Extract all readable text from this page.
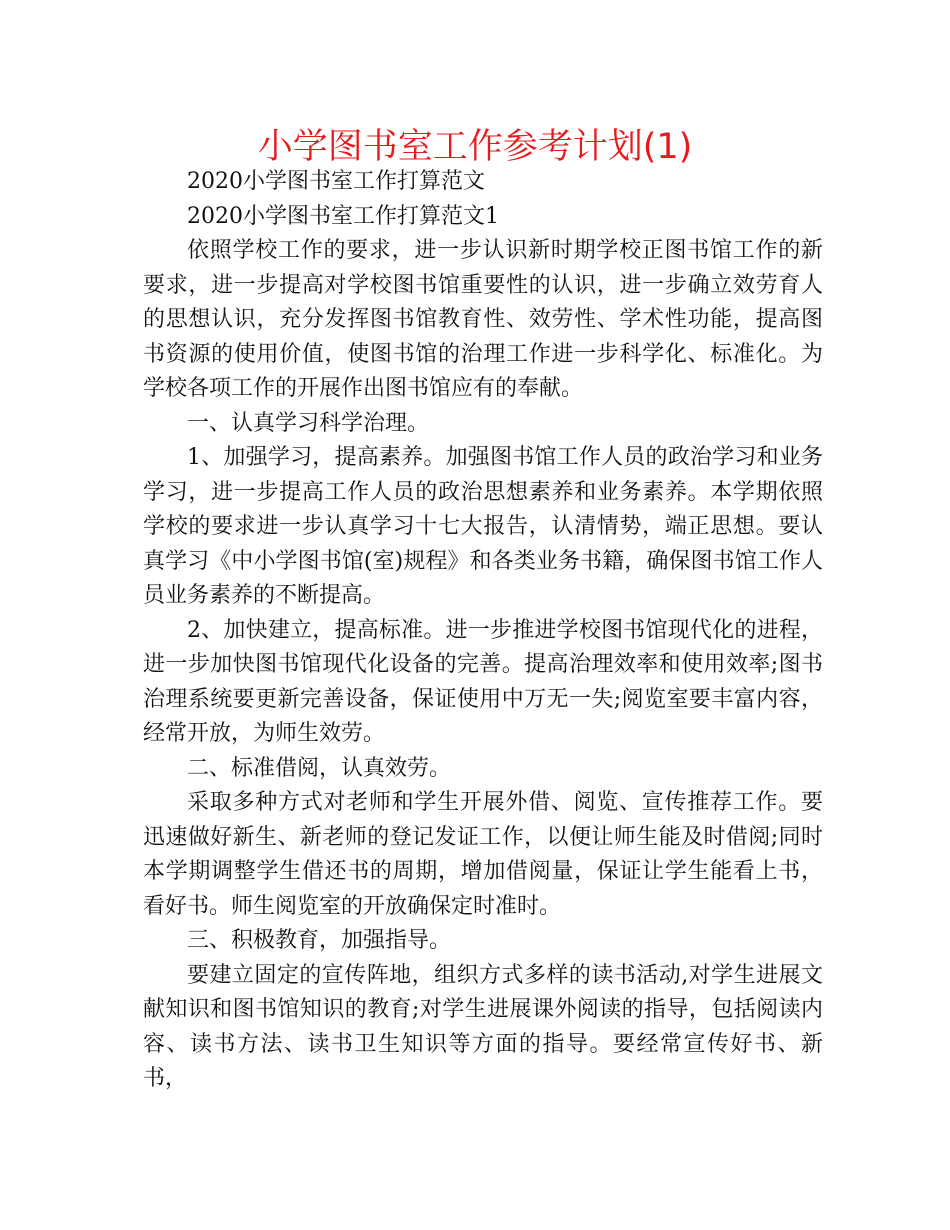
小学图书室工作参考计划(1)

2020小学图书室工作打算范文

2020小学图书室工作打算范文1

依照学校工作的要求，进一步认识新时期学校正图书馆工作的新要求，进一步提高对学校图书馆重要性的认识，进一步确立效劳育人的思想认识，充分发挥图书馆教育性、效劳性、学术性功能，提高图书资源的使用价值，使图书馆的治理工作进一步科学化、标准化。为学校各项工作的开展作出图书馆应有的奉献。

一、认真学习科学治理。

1、加强学习，提高素养。加强图书馆工作人员的政治学习和业务学习，进一步提高工作人员的政治思想素养和业务素养。本学期依照学校的要求进一步认真学习十七大报告，认清情势，端正思想。要认真学习《中小学图书馆(室)规程》和各类业务书籍，确保图书馆工作人员业务素养的不断提高。

2、加快建立，提高标准。进一步推进学校图书馆现代化的进程，进一步加快图书馆现代化设备的完善。提高治理效率和使用效率;图书治理系统要更新完善设备，保证使用中万无一失;阅览室要丰富内容，经常开放，为师生效劳。

二、标准借阅，认真效劳。

采取多种方式对老师和学生开展外借、阅览、宣传推荐工作。要迅速做好新生、新老师的登记发证工作，以便让师生能及时借阅;同时本学期调整学生借还书的周期，增加借阅量，保证让学生能看上书，看好书。师生阅览室的开放确保定时准时。

三、积极教育，加强指导。

要建立固定的宣传阵地，组织方式多样的读书活动,对学生进展文献知识和图书馆知识的教育;对学生进展课外阅读的指导，包括阅读内容、读书方法、读书卫生知识等方面的指导。要经常宣传好书、新书，
